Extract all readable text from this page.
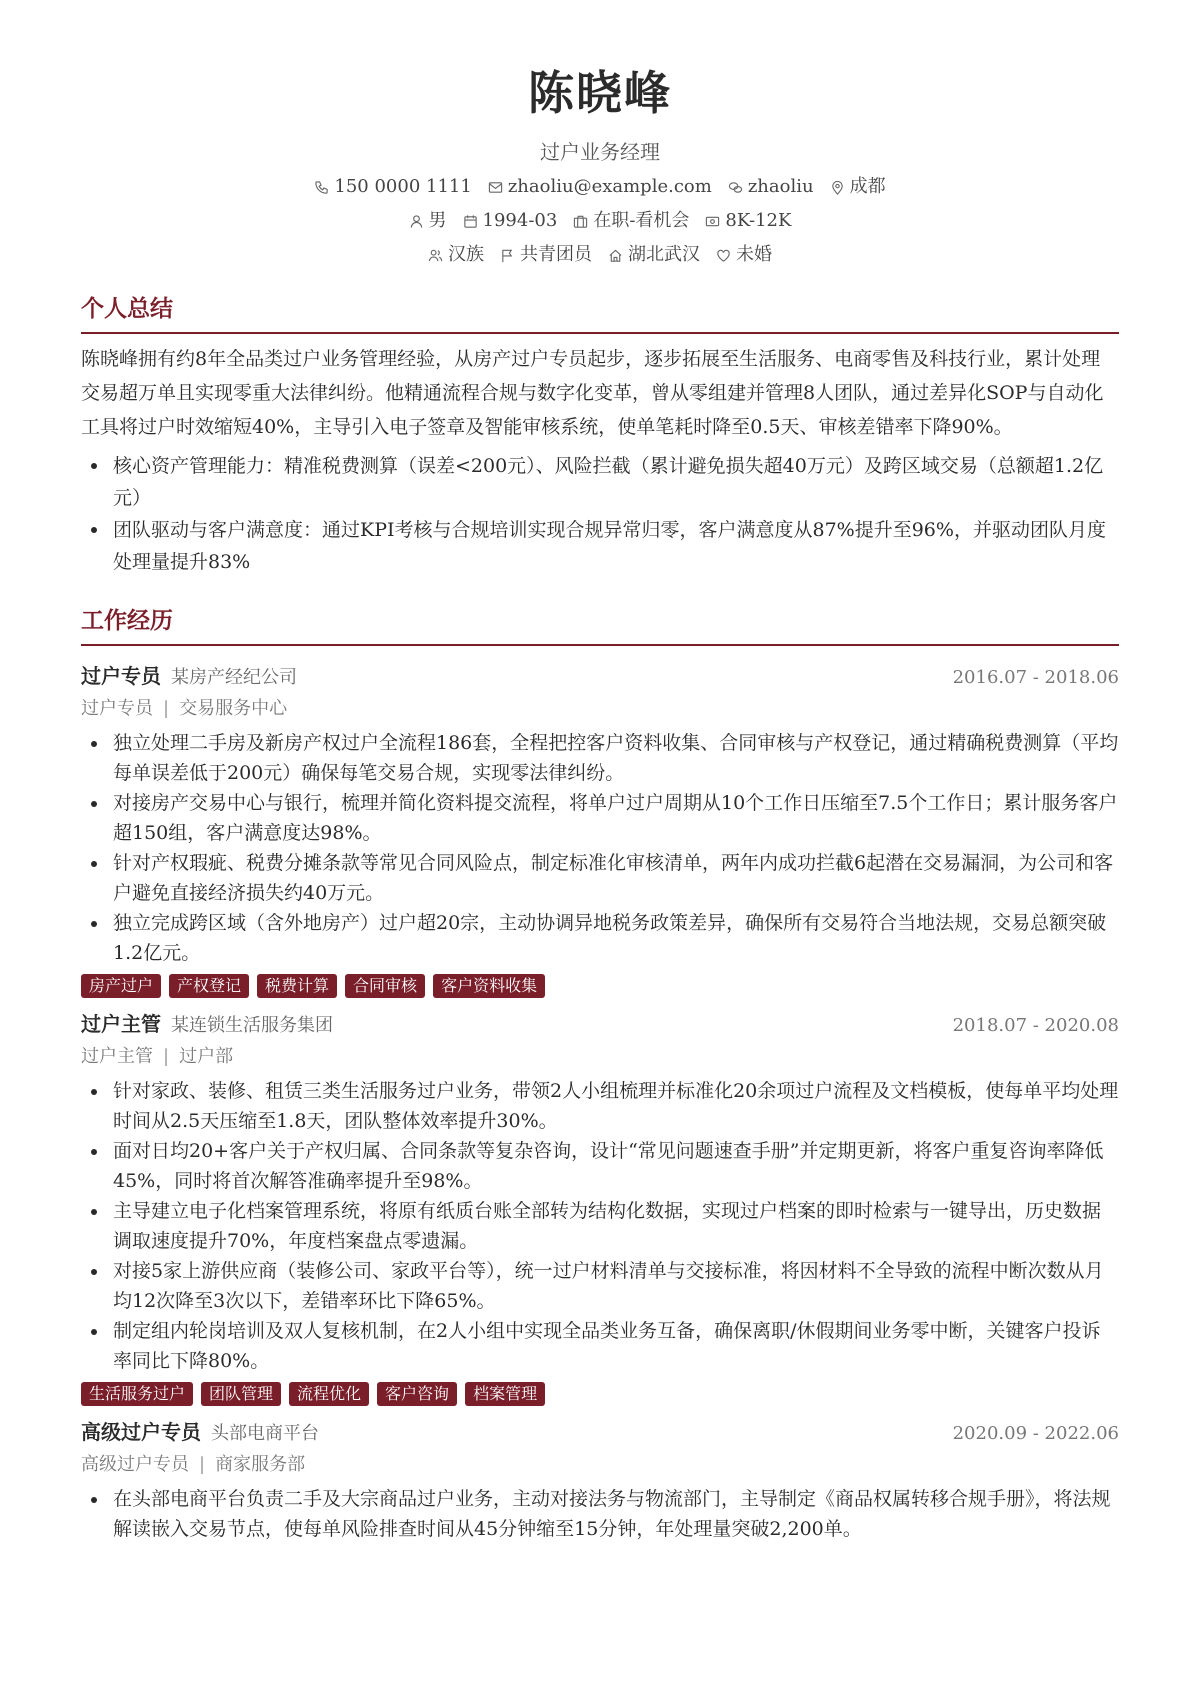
陈晓峰
过户业务经理
150 0000 1111 zhaoliu@example.com zhaoliu 成都
男 1994-03 在职-看机会 8K-12K
汉族 共青团员 湖北武汉 未婚
个人总结
陈晓峰拥有约8年全品类过户业务管理经验，从房产过户专员起步，逐步拓展至生活服务、电商零售及科技行业，累计处理交易超万单且实现零重大法律纠纷。他精通流程合规与数字化变革，曾从零组建并管理8人团队，通过差异化SOP与自动化工具将过户时效缩短40%，主导引入电子签章及智能审核系统，使单笔耗时降至0.5天、审核差错率下降90%。
核心资产管理能力：精准税费测算（误差<200元）、风险拦截（累计避免损失超40万元）及跨区域交易（总额超1.2亿元）
团队驱动与客户满意度：通过KPI考核与合规培训实现合规异常归零，客户满意度从87%提升至96%，并驱动团队月度处理量提升83%
工作经历
过户专员 某房产经纪公司	2016.07 - 2018.06
过户专员 | 交易服务中心
独立处理二手房及新房产权过户全流程186套，全程把控客户资料收集、合同审核与产权登记，通过精确税费测算（平均每单误差低于200元）确保每笔交易合规，实现零法律纠纷。
对接房产交易中心与银行，梳理并简化资料提交流程，将单户过户周期从10个工作日压缩至7.5个工作日；累计服务客户超150组，客户满意度达98%。
针对产权瑕疵、税费分摊条款等常见合同风险点，制定标准化审核清单，两年内成功拦截6起潜在交易漏洞，为公司和客户避免直接经济损失约40万元。
独立完成跨区域（含外地房产）过户超20宗，主动协调异地税务政策差异，确保所有交易符合当地法规，交易总额突破1.2亿元。
房产过户	产权登记	税费计算	合同审核	客户资料收集
过户主管 某连锁生活服务集团	2018.07 - 2020.08
过户主管 | 过户部
针对家政、装修、租赁三类生活服务过户业务，带领2人小组梳理并标准化20余项过户流程及文档模板，使每单平均处理时间从2.5天压缩至1.8天，团队整体效率提升30%。
面对日均20+客户关于产权归属、合同条款等复杂咨询，设计“常见问题速查手册”并定期更新，将客户重复咨询率降低45%，同时将首次解答准确率提升至98%。
主导建立电子化档案管理系统，将原有纸质台账全部转为结构化数据，实现过户档案的即时检索与一键导出，历史数据调取速度提升70%，年度档案盘点零遗漏。
对接5家上游供应商（装修公司、家政平台等），统一过户材料清单与交接标准，将因材料不全导致的流程中断次数从月均12次降至3次以下，差错率环比下降65%。
制定组内轮岗培训及双人复核机制，在2人小组中实现全品类业务互备，确保离职/休假期间业务零中断，关键客户投诉率同比下降80%。
生活服务过户	团队管理	流程优化	客户咨询	档案管理
高级过户专员 头部电商平台	2020.09 - 2022.06
高级过户专员 | 商家服务部
在头部电商平台负责二手及大宗商品过户业务，主动对接法务与物流部门，主导制定《商品权属转移合规手册》，将法规解读嵌入交易节点，使每单风险排查时间从45分钟缩至15分钟，年处理量突破2,200单。
